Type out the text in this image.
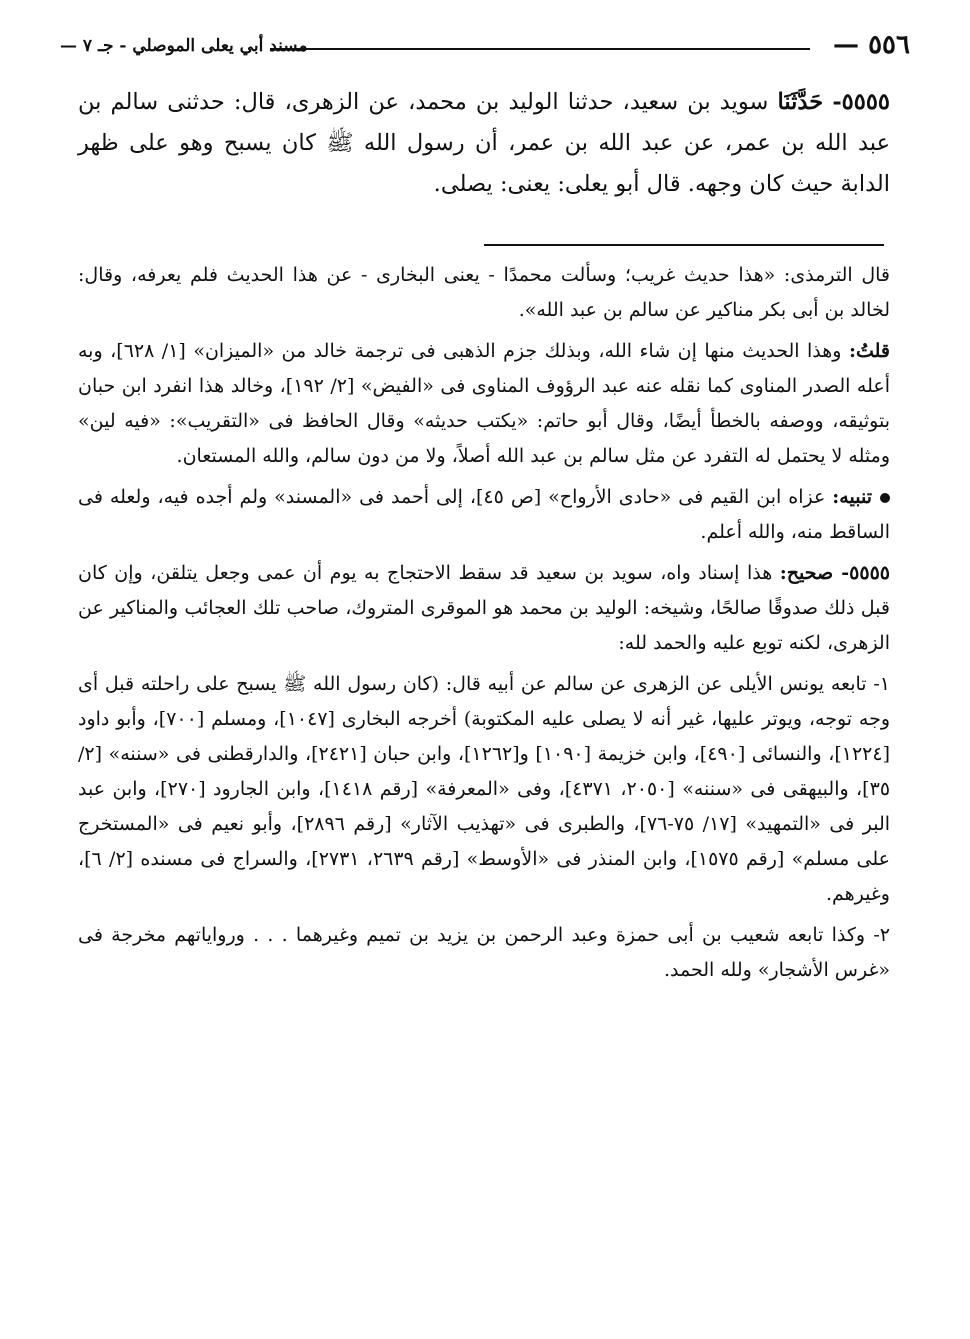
٥٥٦ —
مسند أبي يعلى الموصلي - جـ ٧ —
٥٥٥٥- حَدَّثَنَا سويد بن سعيد، حدثنا الوليد بن محمد، عن الزهرى، قال: حدثنى سالم بن عبد الله بن عمر، عن عبد الله بن عمر، أن رسول الله ﷺ كان يسبح وهو على ظهر الدابة حيث كان وجهه. قال أبو يعلى: يعنى: يصلى.

قال الترمذى: «هذا حديث غريب؛ وسألت محمدًا - يعنى البخارى - عن هذا الحديث فلم يعرفه، وقال: لخالد بن أبى بكر مناكير عن سالم بن عبد الله».

قلتُ: وهذا الحديث منها إن شاء الله، وبذلك جزم الذهبى فى ترجمة خالد من «الميزان» [١/ ٦٢٨]، وبه أعله الصدر المناوى كما نقله عنه عبد الرؤوف المناوى فى «الفيض» [٢/ ١٩٢]، وخالد هذا انفرد ابن حبان بتوثيقه، ووصفه بالخطأ أيضًا، وقال أبو حاتم: «يكتب حديثه» وقال الحافظ فى «التقريب»: «فيه لين» ومثله لا يحتمل له التفرد عن مثل سالم بن عبد الله أصلاً، ولا من دون سالم، والله المستعان.

تنبيه: عزاه ابن القيم فى «حادى الأرواح» [ص ٤٥]، إلى أحمد فى «المسند» ولم أجده فيه، ولعله فى الساقط منه، والله أعلم.

٥٥٥٥- صحيح: هذا إسناد واه، سويد بن سعيد قد سقط الاحتجاج به يوم أن عمى وجعل يتلقن، وإن كان قبل ذلك صدوقًا صالحًا، وشيخه: الوليد بن محمد هو الموقرى المتروك، صاحب تلك العجائب والمناكير عن الزهرى، لكنه توبع عليه والحمد لله:

١- تابعه يونس الأيلى عن الزهرى عن سالم عن أبيه قال: (كان رسول الله ﷺ يسبح على راحلته قبل أى وجه توجه، ويوتر عليها، غير أنه لا يصلى عليه المكتوبة) أخرجه البخارى [١٠٤٧]، ومسلم [٧٠٠]، وأبو داود [١٢٢٤]، والنسائى [٤٩٠]، وابن خزيمة [١٠٩٠] و[١٢٦٢]، وابن حبان [٢٤٢١]، والدارقطنى فى «سننه» [٢/ ٣٥]، والبيهقى فى «سننه» [٢٠٥٠، ٤٣٧١]، وفى «المعرفة» [رقم ١٤١٨]، وابن الجارود [٢٧٠]، وابن عبد البر فى «التمهيد» [١٧/ ٧٥-٧٦]، والطبرى فى «تهذيب الآثار» [رقم ٢٨٩٦]، وأبو نعيم فى «المستخرج على مسلم» [رقم ١٥٧٥]، وابن المنذر فى «الأوسط» [رقم ٢٦٣٩، ٢٧٣١]، والسراج فى مسنده [٢/ ٦]، وغيرهم.

٢- وكذا تابعه شعيب بن أبى حمزة وعبد الرحمن بن يزيد بن تميم وغيرهما . . . ورواياتهم مخرجة فى «غرس الأشجار» ولله الحمد.
